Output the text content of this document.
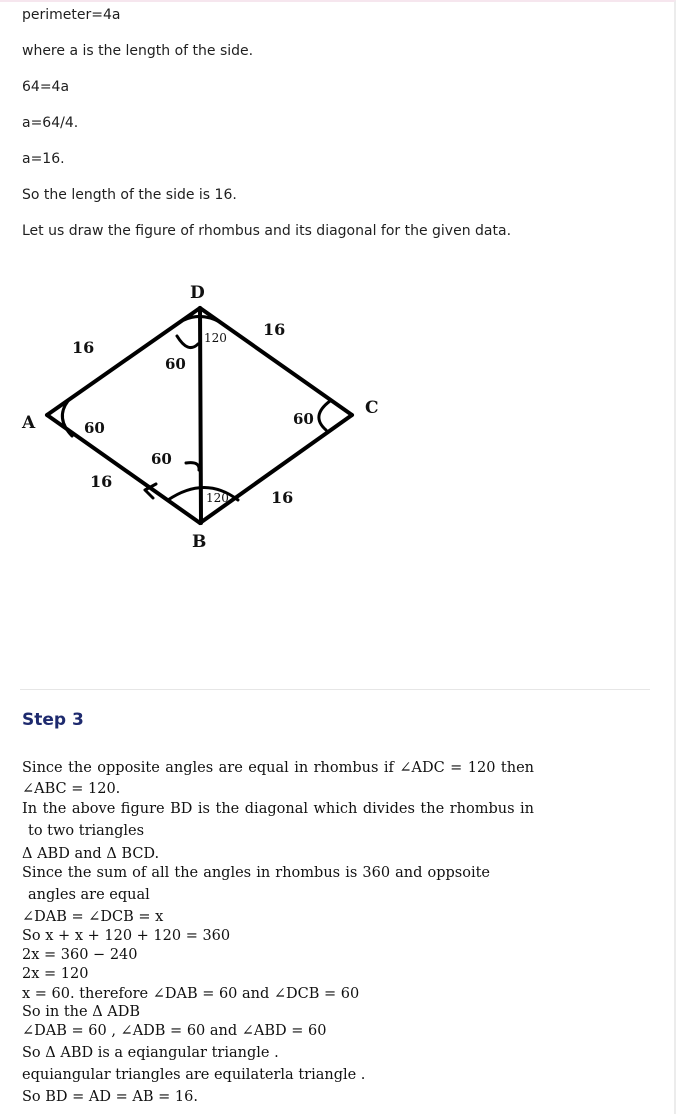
perimeter=4a
where a is the length of the side.
64=4a
a=64/4.
a=16.
So the length of the side is 16.
Let us draw the figure of rhombus and its diagonal for the given data.
D
A
C
B
16
16
16
16
60
120
60	60
60
120
Step 3
Since the opposite angles are equal in rhombus if ∠ADC = 120 then
∠ABC = 120.
In the above figure BD is the diagonal which divides the rhombus in
to two triangles
Δ ABD and Δ BCD.
Since the sum of all the angles in rhombus is 360 and oppsoite
angles are equal
∠DAB = ∠DCB = x
So x + x + 120 + 120 = 360
2x = 360 − 240
2x = 120
x = 60. therefore ∠DAB = 60 and ∠DCB = 60
So in the Δ ADB
∠DAB = 60 , ∠ADB = 60 and ∠ABD = 60
So Δ ABD is a eqiangular triangle .
equiangular triangles are equilaterla triangle .
So BD = AD = AB = 16.
